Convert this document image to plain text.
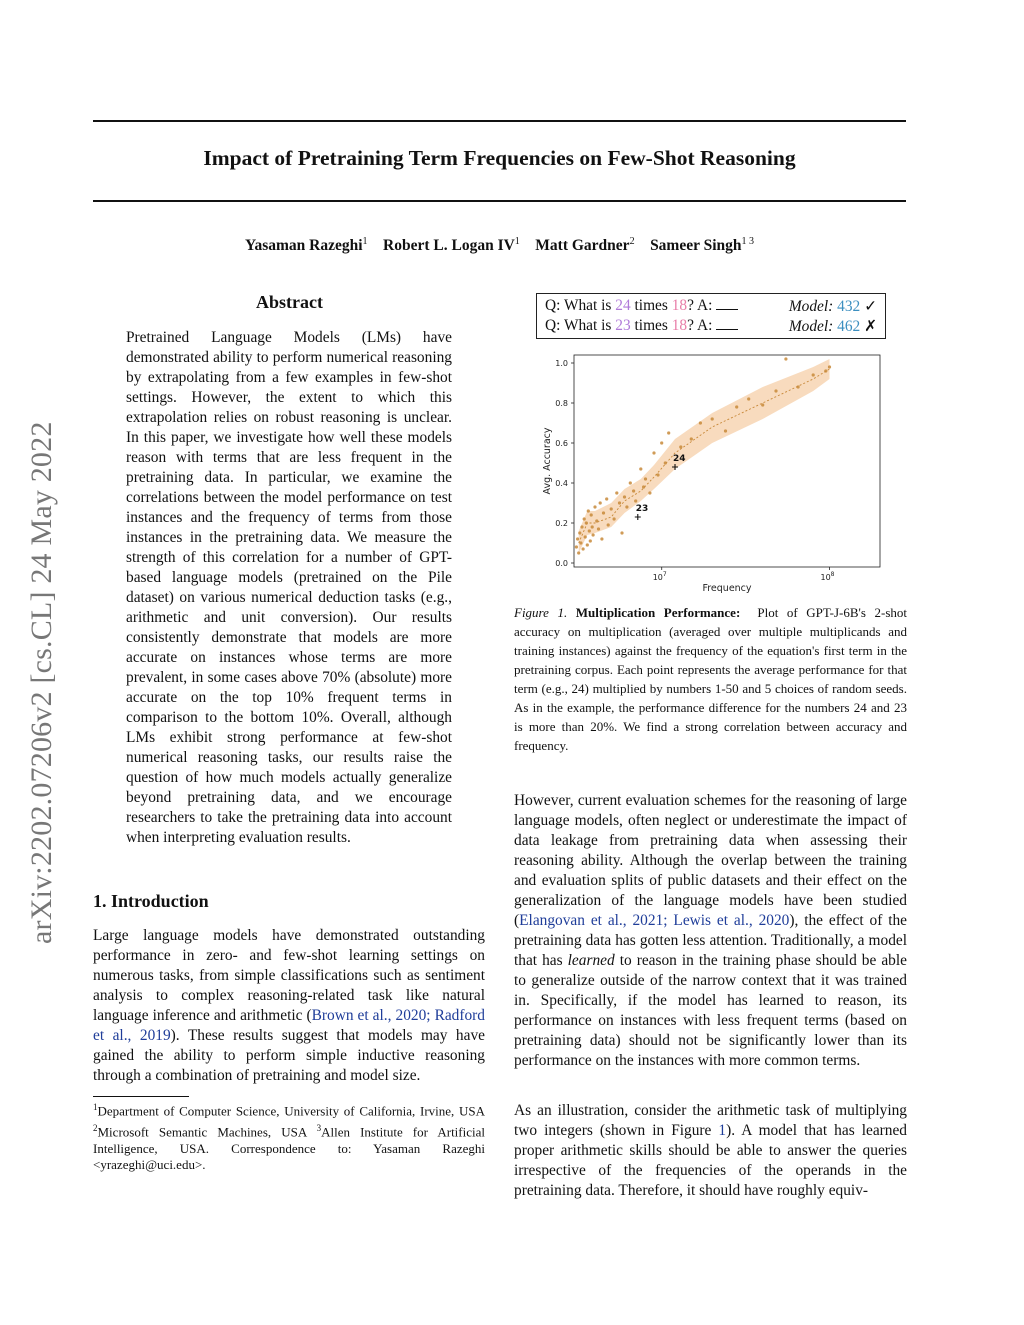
Impact of Pretraining Term Frequencies on Few-Shot Reasoning
Yasaman Razeghi$^1$ Robert L. Logan $IV^1$ Matt Gardner$^2$ Sameer Singh$^{1 3}$
arXiv:2202.07206v2 [cs.CL] 24 May 2022
Abstract
Pretrained Language Models (LMs) have demonstrated ability to perform numerical reasoning by extrapolating from a few examples in few-shot settings. However, the extent to which this extrapolation relies on robust reasoning is unclear. In this paper, we investigate how well these models reason with terms that are less frequent in the pretraining data. In particular, we examine the correlations between the model performance on test instances and the frequency of terms from those instances in the pretraining data. We measure the strength of this correlation for a number of GPT-based language models (pretrained on the Pile dataset) on various numerical deduction tasks (e.g., arithmetic and unit conversion). Our results consistently demonstrate that models are more accurate on instances whose terms are more prevalent, in some cases above 70% (absolute) more accurate on the top 10% frequent terms in comparison to the bottom 10%. Overall, although LMs exhibit strong performance at few-shot numerical reasoning tasks, our results raise the question of how much models actually generalize beyond pretraining data, and we encourage researchers to take the pretraining data into account when interpreting evaluation results.
1. Introduction
Large language models have demonstrated outstanding performance in zero- and few-shot learning settings on numerous tasks, from simple classifications such as sentiment analysis to complex reasoning-related task like natural language inference and arithmetic (Brown et al., 2020; Radford et al., 2019). These results suggest that models may have gained the ability to perform simple inductive reasoning through a combination of pretraining and model size.
$^1$Department of Computer Science, University of California, Irvine, USA $^2$Microsoft Semantic Machines, USA $^3$Allen Institute for Artificial Intelligence, USA. Correspondence to: Yasaman Razeghi <yrazeghi@uci.edu>.
Q: What is 24 times 18? A:	Model: 432 ✓
Q: What is 23 times 18? A:	Model: 462 ✗
24
23
0.0
0.2
0.4
0.6
0.8
1.0
$10^7$	$10^8$
Frequency
Avg. Accuracy
Figure 1. Multiplication Performance: Plot of GPT-J-6B's 2-shot accuracy on multiplication (averaged over multiple multiplicands and training instances) against the frequency of the equation's first term in the pretraining corpus. Each point represents the average performance for that term (e.g., 24) multiplied by numbers 1-50 and 5 choices of random seeds. As in the example, the performance difference for the numbers 24 and 23 is more than 20%. We find a strong correlation between accuracy and frequency.
However, current evaluation schemes for the reasoning of large language models, often neglect or underestimate the impact of data leakage from pretraining data when assessing their reasoning ability. Although the overlap between the training and evaluation splits of public datasets and their effect on the generalization of the language models have been studied (Elangovan et al., 2021; Lewis et al., 2020), the effect of the pretraining data has gotten less attention. Traditionally, a model that has learned to reason in the training phase should be able to generalize outside of the narrow context that it was trained in. Specifically, if the model has learned to reason, its performance on instances with less frequent terms (based on pretraining data) should not be significantly lower than its performance on the instances with more common terms.
As an illustration, consider the arithmetic task of multiplying two integers (shown in Figure 1). A model that has learned proper arithmetic skills should be able to answer the queries irrespective of the frequencies of the operands in the pretraining data. Therefore, it should have roughly equiv-
